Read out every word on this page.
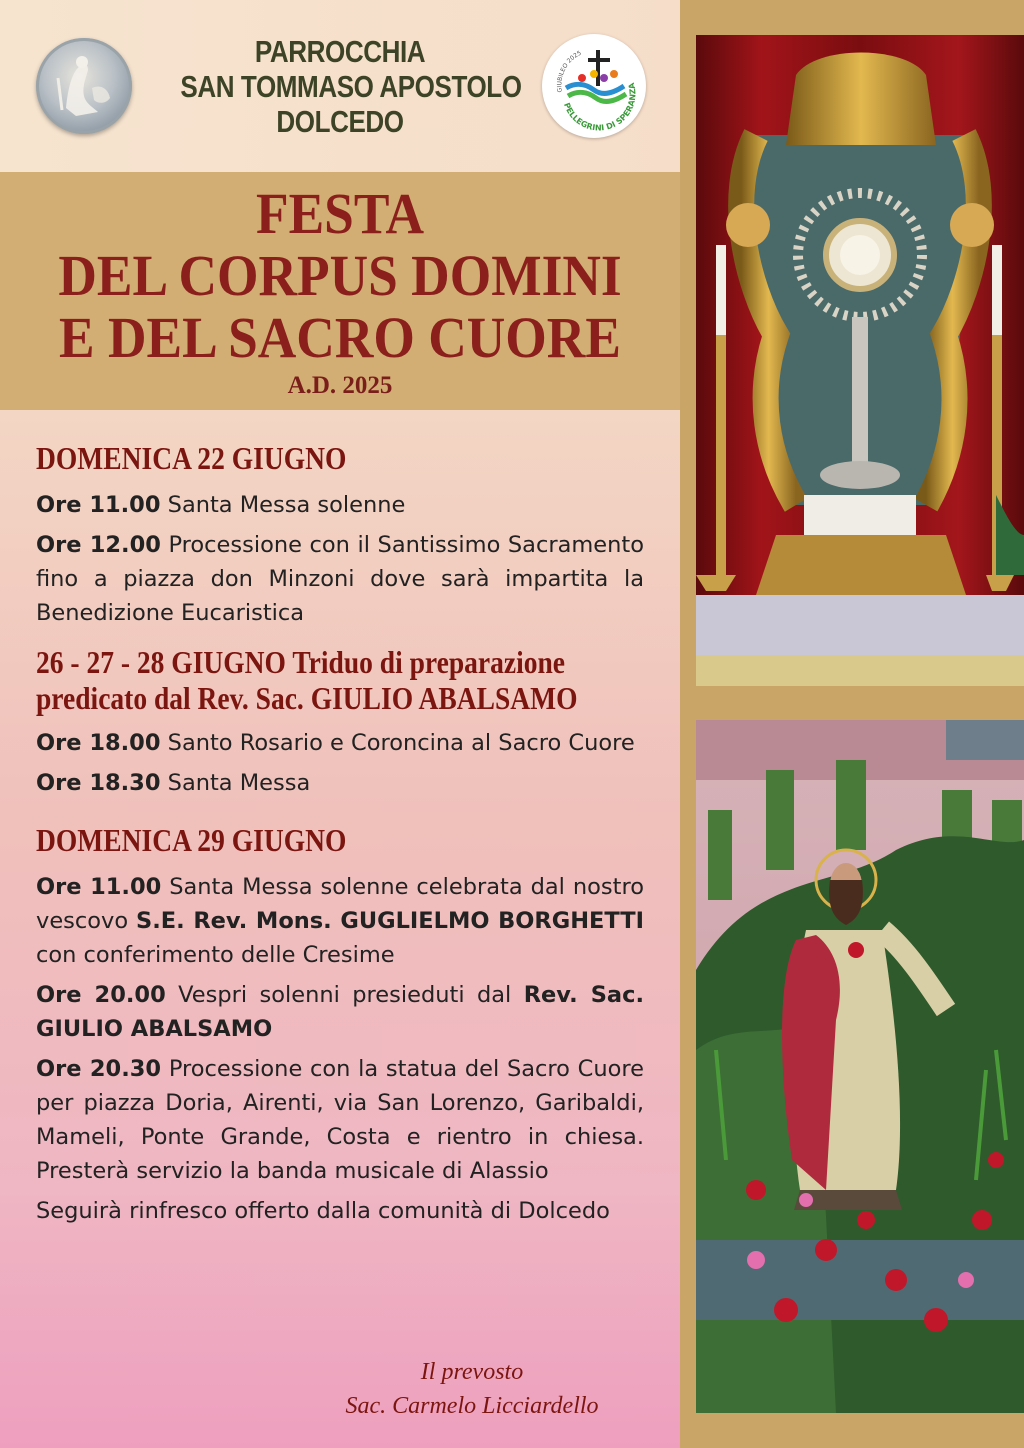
PARROCCHIA
SAN TOMMASO APOSTOLO
DOLCEDO
GIUBILEO 2025
PELLEGRINI DI SPERANZA
FESTA
DEL CORPUS DOMINI
E DEL SACRO CUORE
A.D. 2025

DOMENICA 22 GIUGNO

Ore 11.00 Santa Messa solenne

Ore 12.00 Processione con il Santissimo Sacramento fino a piazza don Minzoni dove sarà impartita la Benedizione Eucaristica

26 - 27 - 28 GIUGNO Triduo di preparazione predicato dal Rev. Sac. GIULIO ABALSAMO

Ore 18.00 Santo Rosario e Coroncina al Sacro Cuore

Ore 18.30 Santa Messa

DOMENICA 29 GIUGNO

Ore 11.00 Santa Messa solenne celebrata dal nostro vescovo S.E. Rev. Mons. GUGLIELMO BORGHETTI con conferimento delle Cresime

Ore 20.00 Vespri solenni presieduti dal Rev. Sac. GIULIO ABALSAMO

Ore 20.30 Processione con la statua del Sacro Cuore per piazza Doria, Airenti, via San Lorenzo, Garibaldi, Mameli, Ponte Grande, Costa e rientro in chiesa. Presterà servizio la banda musicale di Alassio

Seguirà rinfresco offerto dalla comunità di Dolcedo

Il prevosto
Sac. Carmelo Licciardello
